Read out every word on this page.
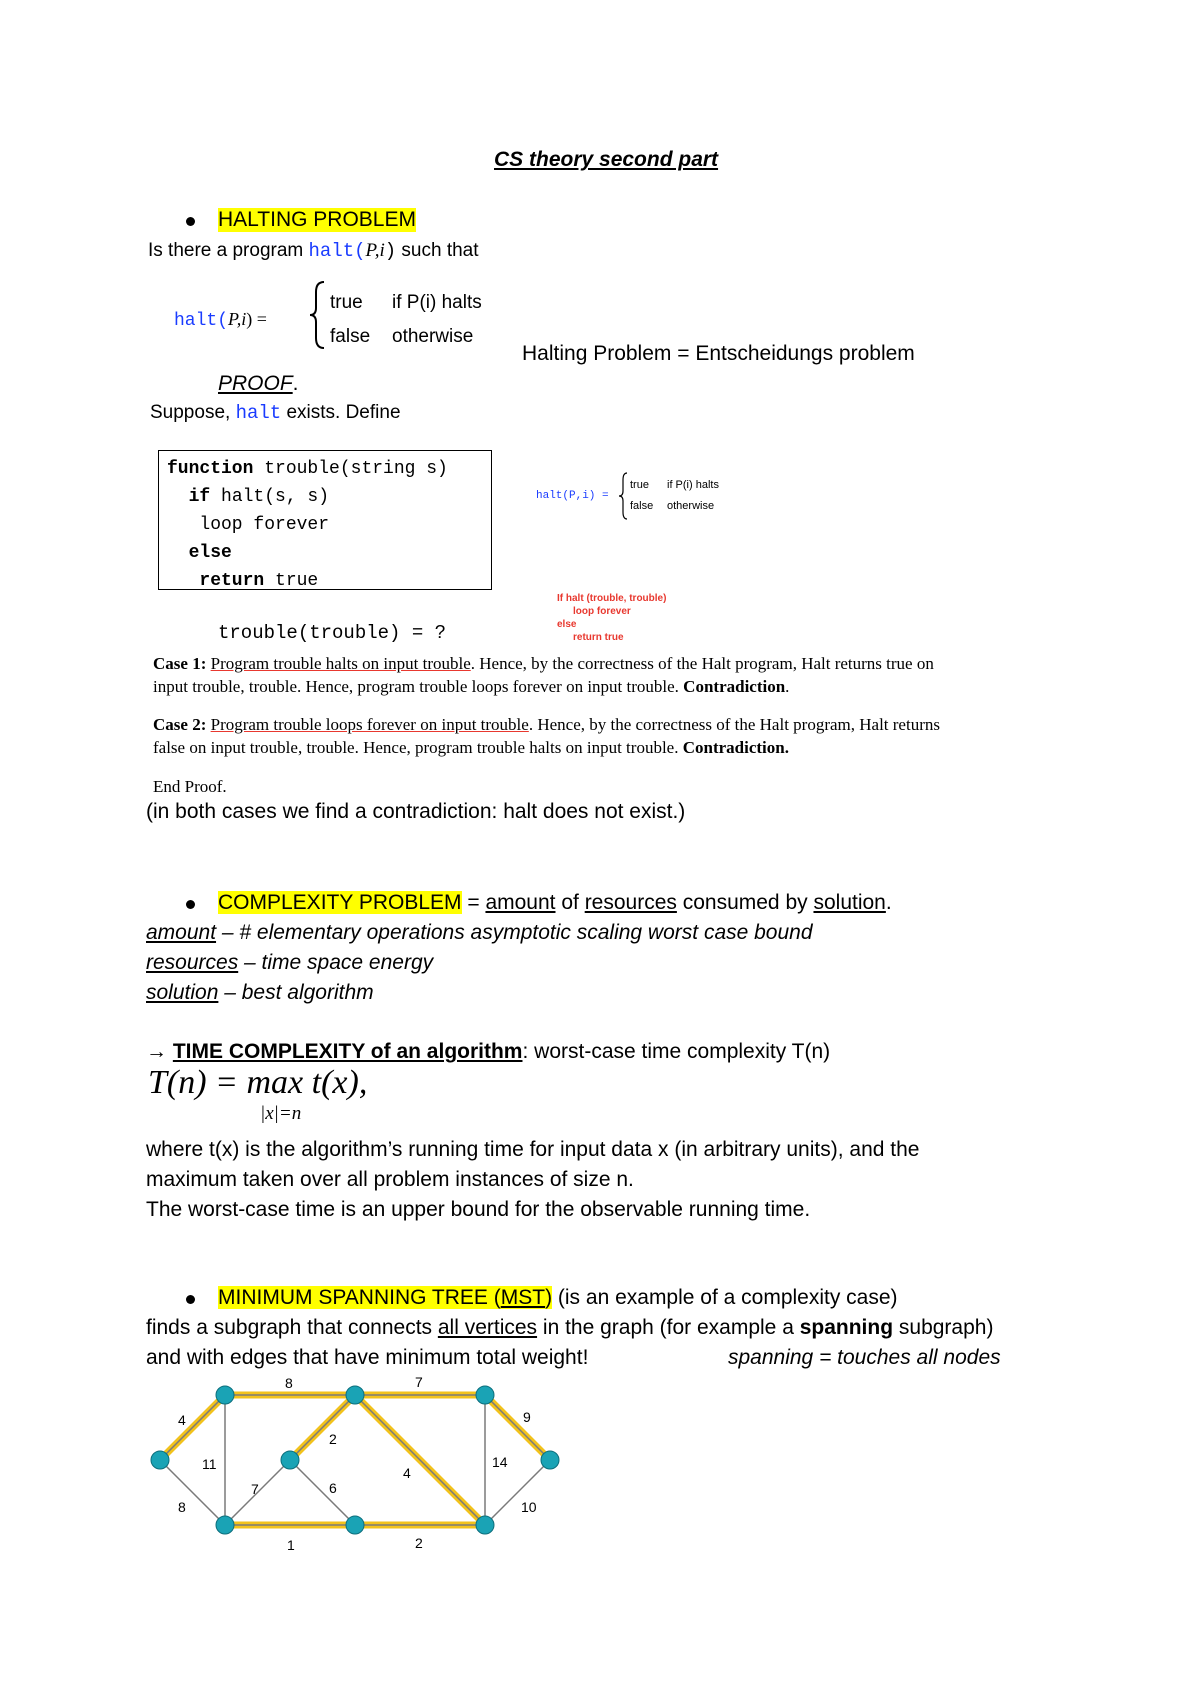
CS theory second part
HALTING PROBLEM
Is there a program halt(P,i) such that
halt(P,i) =
true if P(i) halts
false otherwise
Halting Problem = Entscheidungs problem
PROOF.
Suppose, halt exists. Define
function trouble(string s)
if halt(s, s)
loop forever
else
return true
halt(P,i) =
true if P(i) halts
false otherwise
If halt (trouble, trouble)
loop forever
else
return true
trouble(trouble) = ?
Case 1: Program trouble halts on input trouble. Hence, by the correctness of the Halt program, Halt returns true on
input trouble, trouble. Hence, program trouble loops forever on input trouble. Contradiction.
Case 2: Program trouble loops forever on input trouble. Hence, by the correctness of the Halt program, Halt returns
false on input trouble, trouble. Hence, program trouble halts on input trouble. Contradiction.
End Proof.
(in both cases we find a contradiction: halt does not exist.)
COMPLEXITY PROBLEM = amount of resources consumed by solution.
amount – # elementary operations asymptotic scaling worst case bound
resources – time space energy
solution – best algorithm
→ TIME COMPLEXITY of an algorithm: worst-case time complexity T(n)
T(n) = max t(x),
|x|=n
where t(x) is the algorithm’s running time for input data x (in arbitrary units), and the
maximum taken over all problem instances of size n.
The worst-case time is an upper bound for the observable running time.
MINIMUM SPANNING TREE (MST) (is an example of a complexity case)
finds a subgraph that connects all vertices in the graph (for example a spanning subgraph)
and with edges that have minimum total weight!	spanning = touches all nodes
8	7
4	9
2
11	14
7	6
4
8	10
1	2
